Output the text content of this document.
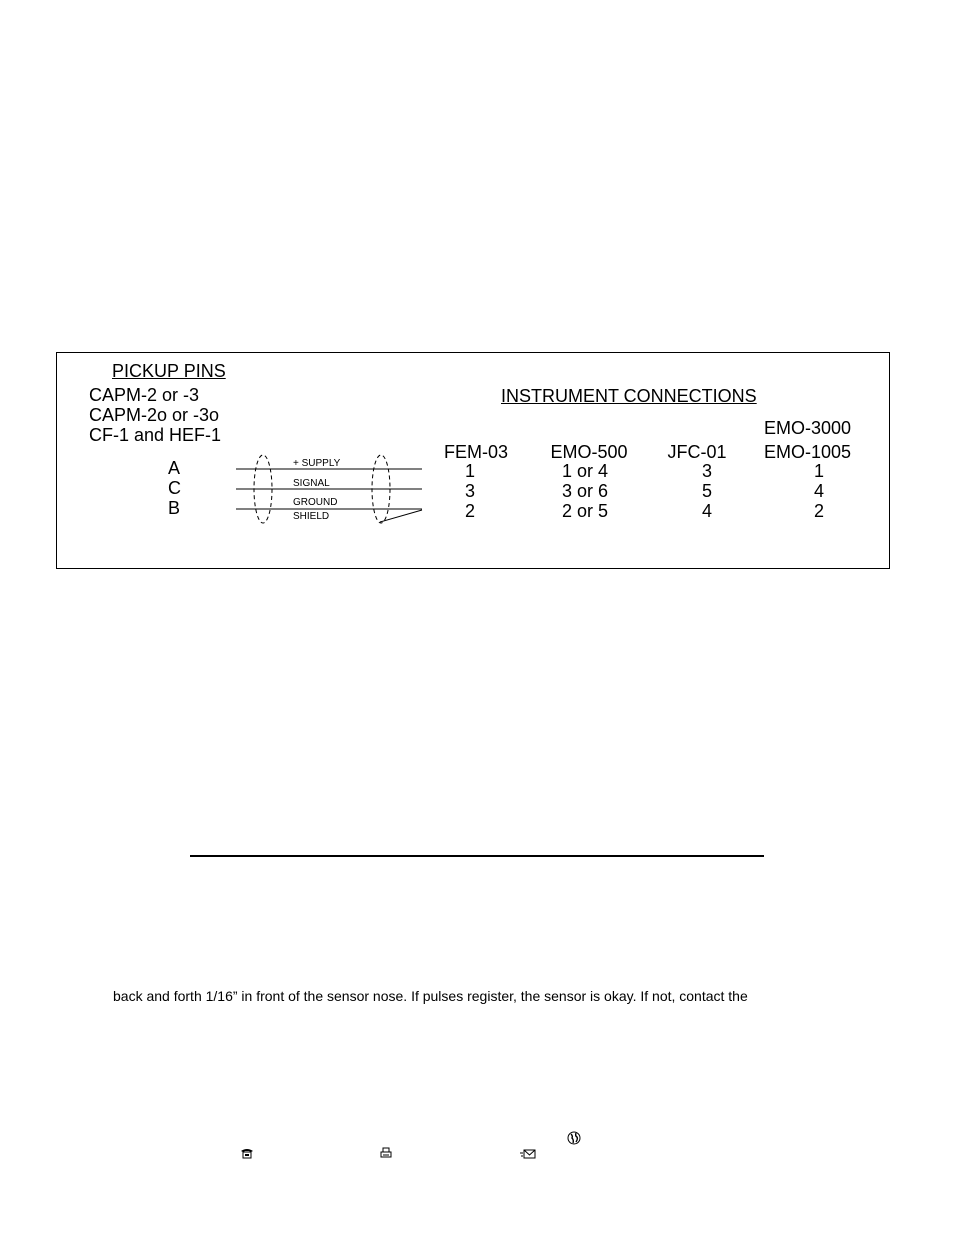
PICKUP PINS
CAPM-2 or -3
CAPM-2o or -3o
CF-1 and HEF-1
A
C
B
+ SUPPLY
SIGNAL
GROUND
SHIELD
INSTRUMENT CONNECTIONS
FEM-03
1
3
2
EMO-500
1 or 4
3 or 6
2 or 5
JFC-01
3
5
4
EMO-3000
EMO-1005
1
4
2
back and forth 1/16” in front of the sensor nose. If pulses register, the sensor is okay. If not, contact the
